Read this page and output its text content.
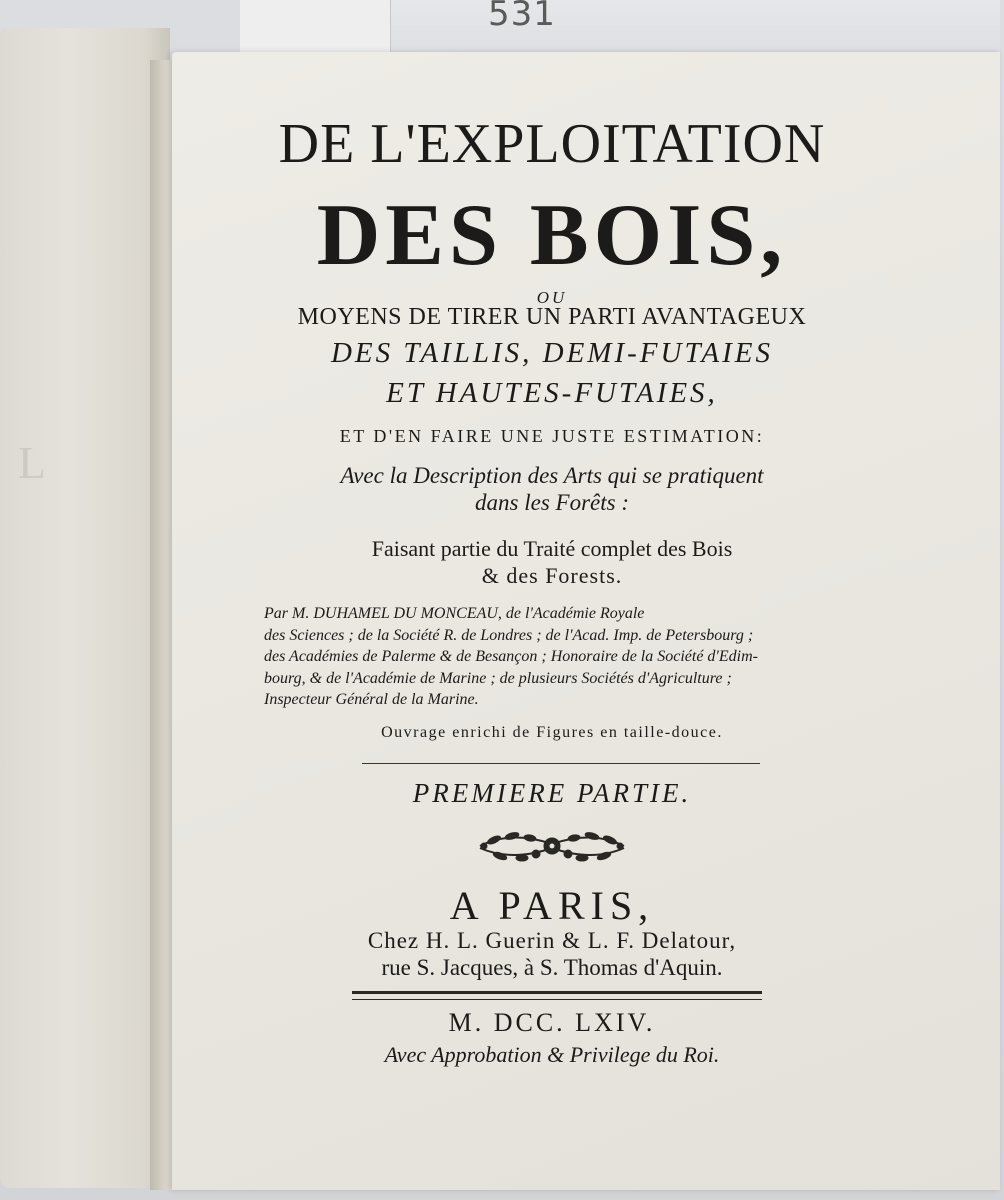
531
L
DE L'EXPLOITATION
DES BOIS,
OU
MOYENS DE TIRER UN PARTI AVANTAGEUX
DES TAILLIS, DEMI-FUTAIES
ET HAUTES-FUTAIES,
ET D'EN FAIRE UNE JUSTE ESTIMATION:
Avec la Description des Arts qui se pratiquent
dans les Forêts :
Faisant partie du Traité complet des Bois
& des Forests.
Par M. DUHAMEL DU MONCEAU, de l'Académie Royale
des Sciences ; de la Société R. de Londres ; de l'Acad. Imp. de Petersbourg ;
des Académies de Palerme & de Besançon ; Honoraire de la Société d'Edim-
bourg, & de l'Académie de Marine ; de plusieurs Sociétés d'Agriculture ;
Inspecteur Général de la Marine.
Ouvrage enrichi de Figures en taille-douce.
PREMIERE PARTIE.
A PARIS,
Chez H. L. Guerin & L. F. Delatour,
rue S. Jacques, à S. Thomas d'Aquin.
M. DCC. LXIV.
Avec Approbation & Privilege du Roi.
